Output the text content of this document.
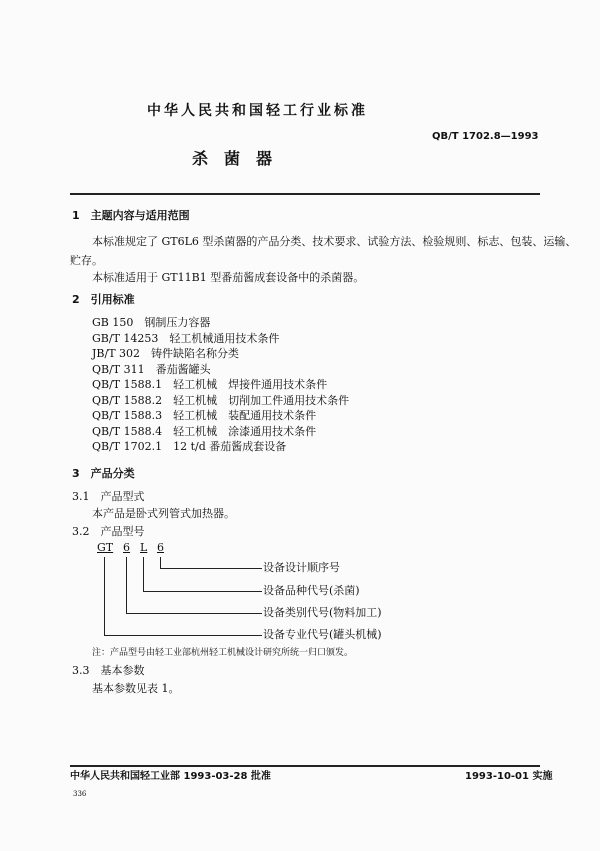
中华人民共和国轻工行业标准
QB/T 1702.8—1993
杀　菌　器
1　主题内容与适用范围
本标准规定了 GT6L6 型杀菌器的产品分类、技术要求、试验方法、检验规则、标志、包装、运输、
贮存。
本标准适用于 GT11B1 型番茄酱成套设备中的杀菌器。
2　引用标准
GB 150　钢制压力容器
GB/T 14253　轻工机械通用技术条件
JB/T 302　铸件缺陷名称分类
QB/T 311　番茄酱罐头
QB/T 1588.1　轻工机械　焊接件通用技术条件
QB/T 1588.2　轻工机械　切削加工件通用技术条件
QB/T 1588.3　轻工机械　装配通用技术条件
QB/T 1588.4　轻工机械　涂漆通用技术条件
QB/T 1702.1　12 t/d 番茄酱成套设备
3　产品分类
3.1　产品型式
本产品是卧式列管式加热器。
3.2　产品型号
GT 6 L 6
设备设计顺序号
设备品种代号(杀菌)
设备类别代号(物料加工)
设备专业代号(罐头机械)
注：产品型号由轻工业部杭州轻工机械设计研究所统一归口颁发。
3.3　基本参数
基本参数见表 1。
中华人民共和国轻工业部 1993-03-28 批准	1993-10-01 实施
336
